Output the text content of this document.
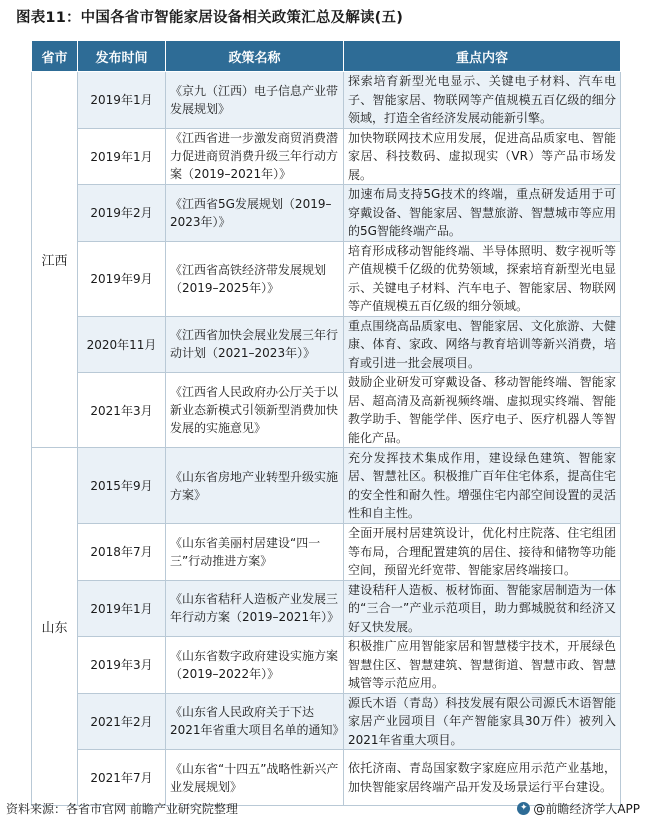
图表11：中国各省市智能家居设备相关政策汇总及解读(五)
省市	发布时间	政策名称	重点内容
江西	2019年1月	《京九（江西）电子信息产业带发展规划》	探索培育新型光电显示、关键电子材料、汽车电子、智能家居、物联网等产值规模五百亿级的细分领域，打造全省经济发展动能新引擎。
	2019年1月	《江西省进一步激发商贸消费潜力促进商贸消费升级三年行动方案（2019–2021年）》	加快物联网技术应用发展，促进高品质家电、智能家居、科技数码、虚拟现实（VR）等产品市场发展。
	2019年2月	《江西省5G发展规划（2019–2023年）》	加速布局支持5G技术的终端，重点研发适用于可穿戴设备、智能家居、智慧旅游、智慧城市等应用的5G智能终端产品。
	2019年9月	《江西省高铁经济带发展规划（2019–2025年）》	培育形成移动智能终端、半导体照明、数字视听等产值规模千亿级的优势领域，探索培育新型光电显示、关键电子材料、汽车电子、智能家居、物联网等产值规模五百亿级的细分领域。
	2020年11月	《江西省加快会展业发展三年行动计划（2021–2023年）》	重点围绕高品质家电、智能家居、文化旅游、大健康、体育、家政、网络与教育培训等新兴消费，培育或引进一批会展项目。
	2021年3月	《江西省人民政府办公厅关于以新业态新模式引领新型消费加快发展的实施意见》	鼓励企业研发可穿戴设备、移动智能终端、智能家居、超高清及高新视频终端、虚拟现实终端、智能教学助手、智能学伴、医疗电子、医疗机器人等智能化产品。
山东	2015年9月	《山东省房地产业转型升级实施方案》	充分发挥技术集成作用，建设绿色建筑、智能家居、智慧社区。积极推广百年住宅体系，提高住宅的安全性和耐久性。增强住宅内部空间设置的灵活性和自主性。
	2018年7月	《山东省美丽村居建设“四一三”行动推进方案》	全面开展村居建筑设计，优化村庄院落、住宅组团等布局，合理配置建筑的居住、接待和储物等功能空间，预留光纤宽带、智能家居终端接口。
	2019年1月	《山东省秸秆人造板产业发展三年行动方案（2019–2021年）》	建设秸秆人造板、板材饰面、智能家居制造为一体的“三合一”产业示范项目，助力鄄城脱贫和经济又好又快发展。
	2019年3月	《山东省数字政府建设实施方案（2019–2022年）》	积极推广应用智能家居和智慧楼宇技术，开展绿色智慧住区、智慧建筑、智慧街道、智慧市政、智慧城管等示范应用。
	2021年2月	《山东省人民政府关于下达2021年省重大项目名单的通知》	源氏木语（青岛）科技发展有限公司源氏木语智能家居产业园项目（年产智能家具30万件）被列入2021年省重大项目。
	2021年7月	《山东省“十四五”战略性新兴产业发展规划》	依托济南、青岛国家数字家庭应用示范产业基地，加快智能家居终端产品开发及场景运行平台建设。
资料来源：各省市官网 前瞻产业研究院整理	✦ @前瞻经济学人APP
